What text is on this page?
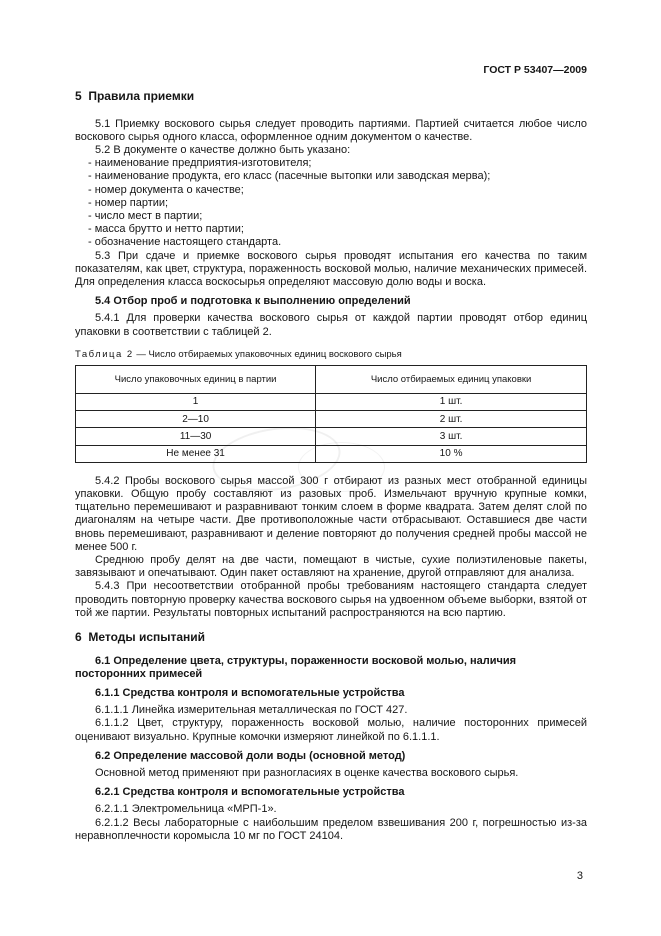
ГОСТ Р 53407—2009
5  Правила приемки

5.1 Приемку воскового сырья следует проводить партиями. Партией считается любое число воскового сырья одного класса, оформленное одним документом о качестве.

5.2 В документе о качестве должно быть указано:

- наименование предприятия-изготовителя;
- наименование продукта, его класс (пасечные вытопки или заводская мерва);
- номер документа о качестве;
- номер партии;
- число мест в партии;
- масса брутто и нетто партии;
- обозначение настоящего стандарта.

5.3 При сдаче и приемке воскового сырья проводят испытания его качества по таким показателям, как цвет, структура, пораженность восковой молью, наличие механических примесей. Для определения класса воскосырья определяют массовую долю воды и воска.

5.4 Отбор проб и подготовка к выполнению определений

5.4.1 Для проверки качества воскового сырья от каждой партии проводят отбор единиц упаковки в соответствии с таблицей 2.

Таблица 2 — Число отбираемых упаковочных единиц воскового сырья
Число упаковочных единиц в партии	Число отбираемых единиц упаковки
1	1 шт.
2—10	2 шт.
11—30	3 шт.
Не менее 31	10 %

5.4.2 Пробы воскового сырья массой 300 г отбирают из разных мест отобранной единицы упаковки. Общую пробу составляют из разовых проб. Измельчают вручную крупные комки, тщательно перемешивают и разравнивают тонким слоем в форме квадрата. Затем делят слой по диагоналям на четыре части. Две противоположные части отбрасывают. Оставшиеся две части вновь перемешивают, разравнивают и деление повторяют до получения средней пробы массой не менее 500 г.

Среднюю пробу делят на две части, помещают в чистые, сухие полиэтиленовые пакеты, завязывают и опечатывают. Один пакет оставляют на хранение, другой отправляют для анализа.

5.4.3 При несоответствии отобранной пробы требованиям настоящего стандарта следует проводить повторную проверку качества воскового сырья на удвоенном объеме выборки, взятой от той же партии. Результаты повторных испытаний распространяются на всю партию.

6  Методы испытаний
6.1 Определение цвета, структуры, пораженности восковой молью, наличия посторонних примесей
6.1.1 Средства контроля и вспомогательные устройства

6.1.1.1 Линейка измерительная металлическая по ГОСТ 427.

6.1.1.2 Цвет, структуру, пораженность восковой молью, наличие посторонних примесей оценивают визуально. Крупные комочки измеряют линейкой по 6.1.1.1.

6.2 Определение массовой доли воды (основной метод)

Основной метод применяют при разногласиях в оценке качества воскового сырья.

6.2.1 Средства контроля и вспомогательные устройства

6.2.1.1 Электромельница «МРП-1».

6.2.1.2 Весы лабораторные с наибольшим пределом взвешивания 200 г, погрешностью из-за неравноплечности коромысла 10 мг по ГОСТ 24104.

3
